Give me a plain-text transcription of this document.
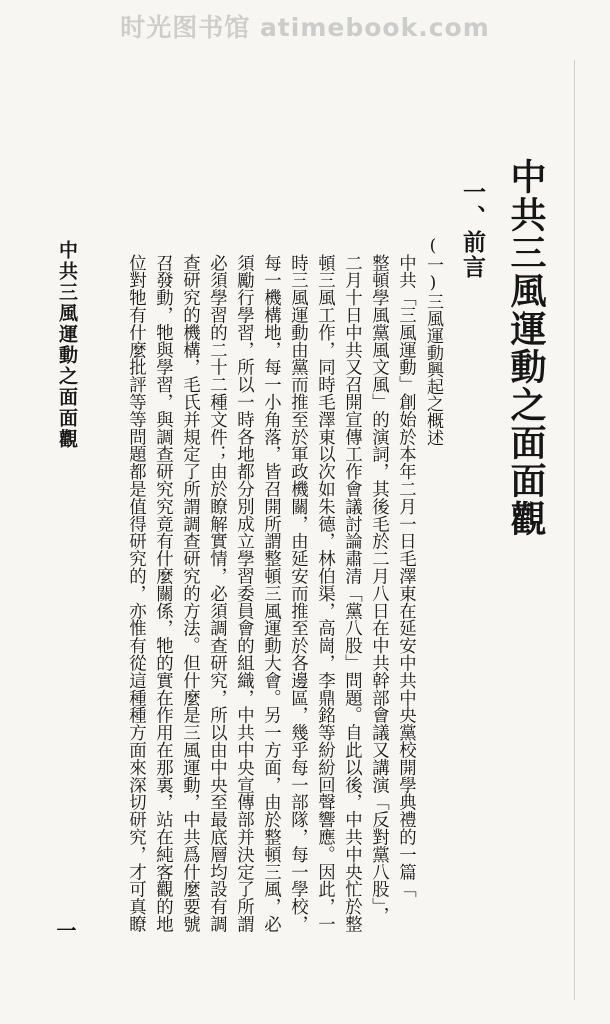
时光图书馆 atimebook.com
中共三風運動之面面觀
一、前言
(一)三風運動興起之概述
中共「三風運動」創始於本年二月一日毛澤東在延安中共中央黨校開學典禮的一篇「
整頓學風黨風文風」的演詞，其後毛於二月八日在中共幹部會議又講演「反對黨八股」，
二月十日中共又召開宣傳工作會議討論肅清「黨八股」問題。自此以後，中共中央忙於整
頓三風工作，同時毛澤東以次如朱德，林伯渠，高崗，李鼎銘等紛紛回聲響應。因此，一
時三風運動由黨而推至於軍政機關，由延安而推至於各邊區，幾乎每一部隊，每一學校，
每一機構地，每一小角落，皆召開所謂整頓三風運動大會。另一方面，由於整頓三風，必
須勵行學習，所以一時各地都分別成立學習委員會的組織，中共中央宣傳部并決定了所謂
必須學習的二十二種文件；由於瞭解實情，必須調查研究，所以由中央至最底層均設有調
查研究的機構，毛氏并規定了所謂調查研究的方法。但什麼是三風運動，中共爲什麼要號
召發動，牠與學習，與調查研究究竟有什麼關係，牠的實在作用在那裏，站在純客觀的地
位對牠有什麼批評等等問題都是值得研究的，亦惟有從這種種方面來深切研究，才可真瞭
中共三風運動之面面觀
一
